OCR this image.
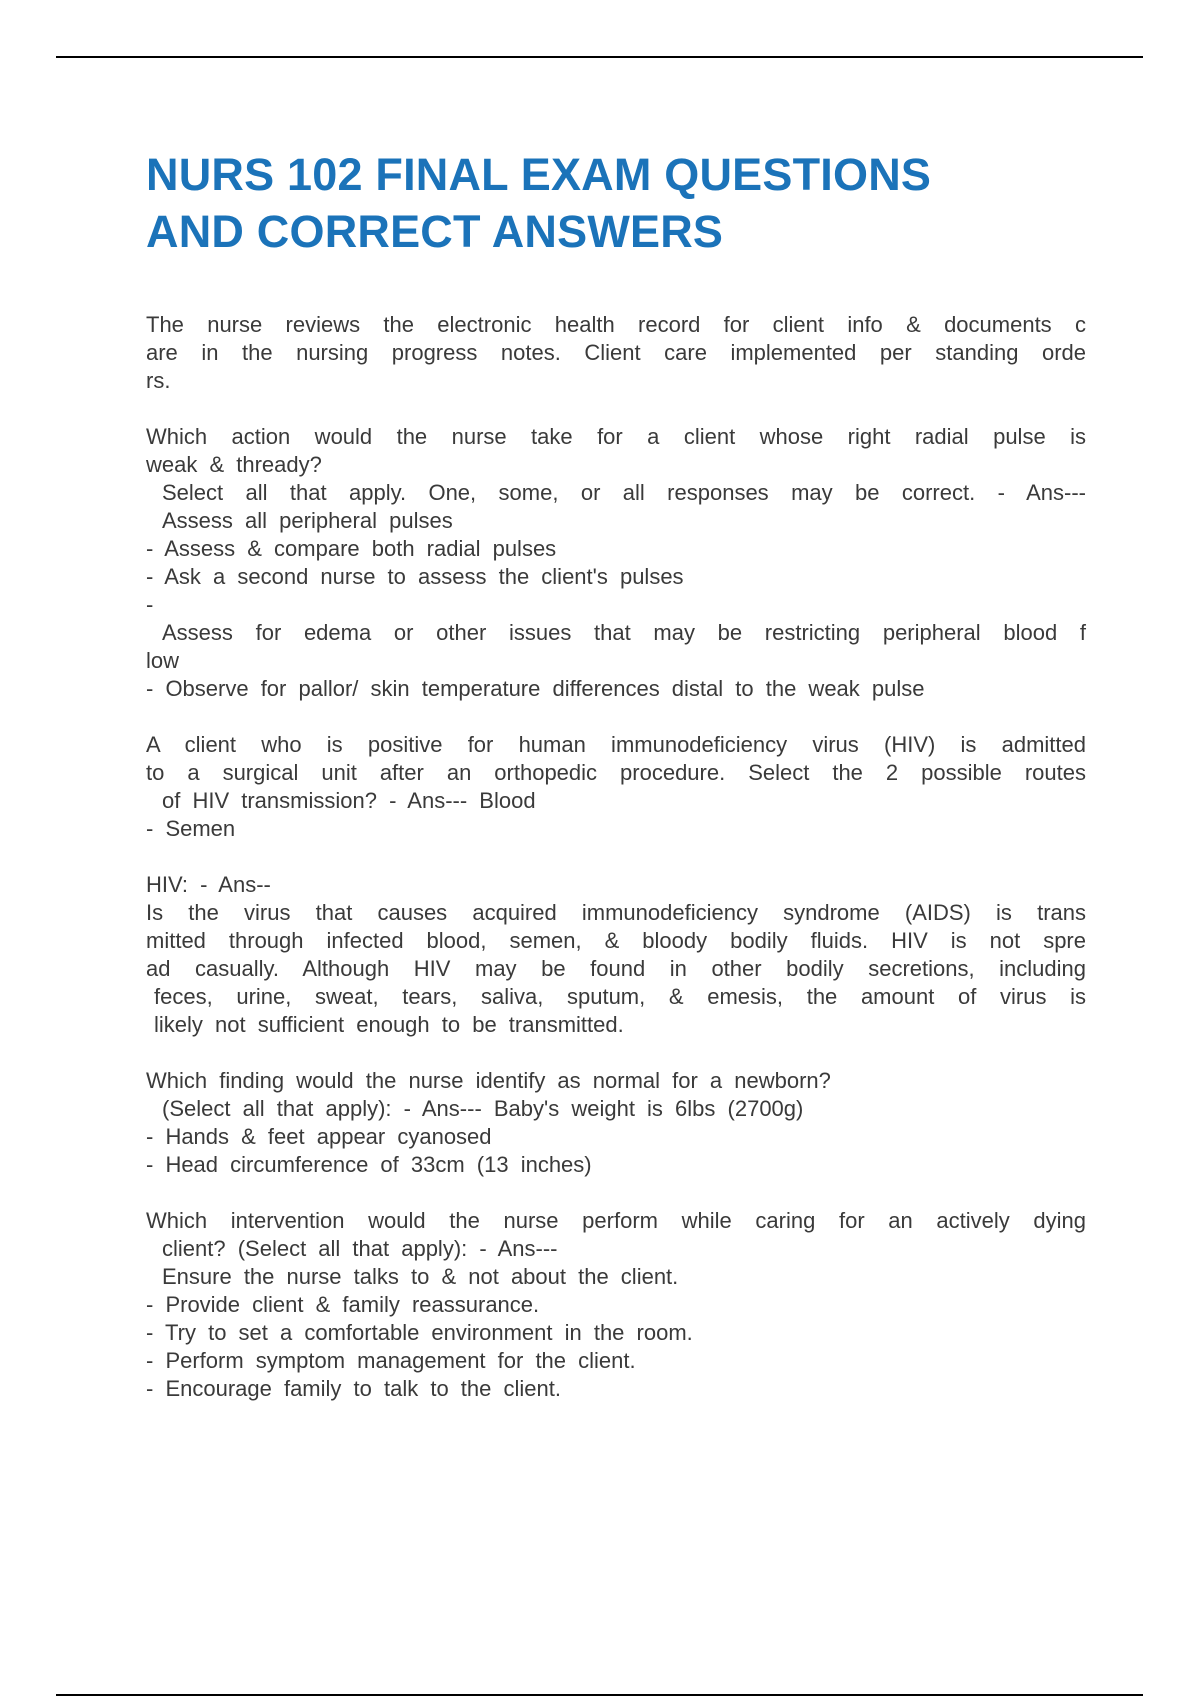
NURS 102 FINAL EXAM QUESTIONS
AND CORRECT ANSWERS
The nurse reviews the electronic health record for client info & documents c
are in the nursing progress notes. Client care implemented per standing orde
rs.
Which action would the nurse take for a client whose right radial pulse is
weak & thready?
Select all that apply. One, some, or all responses may be correct. - Ans---
Assess all peripheral pulses
- Assess & compare both radial pulses
- Ask a second nurse to assess the client's pulses
-
Assess for edema or other issues that may be restricting peripheral blood f
low
- Observe for pallor/ skin temperature differences distal to the weak pulse
A client who is positive for human immunodeficiency virus (HIV) is admitted
to a surgical unit after an orthopedic procedure. Select the 2 possible routes
of HIV transmission? - Ans--- Blood
- Semen
HIV: - Ans--
Is the virus that causes acquired immunodeficiency syndrome (AIDS) is trans
mitted through infected blood, semen, & bloody bodily fluids. HIV is not spre
ad casually. Although HIV may be found in other bodily secretions, including
feces, urine, sweat, tears, saliva, sputum, & emesis, the amount of virus is
likely not sufficient enough to be transmitted.
Which finding would the nurse identify as normal for a newborn?
(Select all that apply): - Ans--- Baby's weight is 6lbs (2700g)
- Hands & feet appear cyanosed
- Head circumference of 33cm (13 inches)
Which intervention would the nurse perform while caring for an actively dying
client? (Select all that apply): - Ans---
Ensure the nurse talks to & not about the client.
- Provide client & family reassurance.
- Try to set a comfortable environment in the room.
- Perform symptom management for the client.
- Encourage family to talk to the client.
